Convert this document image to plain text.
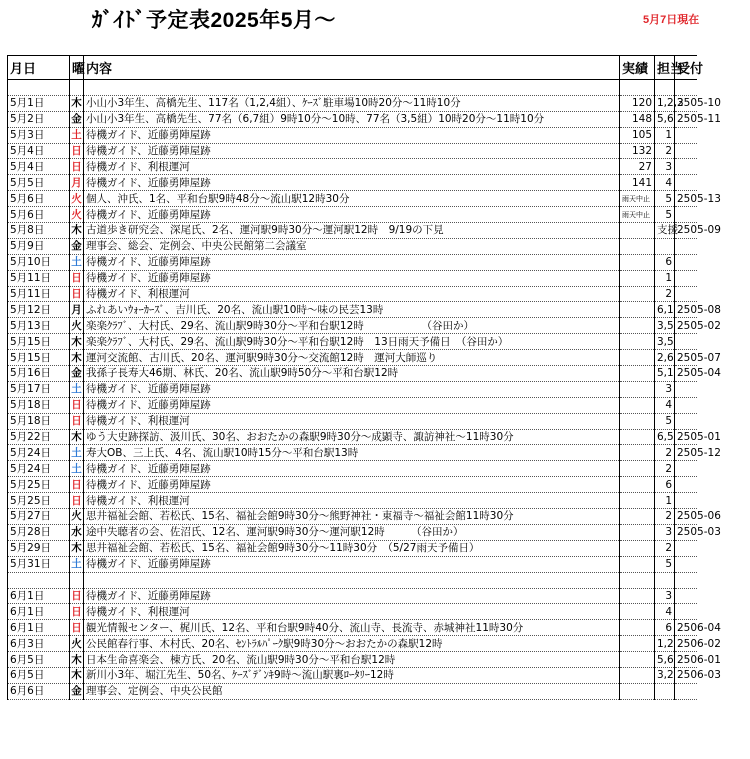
ｶﾞｲﾄﾞ予定表2025年5月～	5月7日現在
月日	曜	内容	実績	担当	受付

5月1日	木	小山小3年生、高橋先生、117名（1,2,4組）、ｹｰｽﾞ駐車場10時20分～11時10分	120	1,2,3	2505-10
5月2日	金	小山小3年生、高橋先生、77名（6,7組）9時10分～10時、77名（3,5組）10時20分～11時10分	148	5,6	2505-11
5月3日	土	待機ガイド、近藤勇陣屋跡	105	1	
5月4日	日	待機ガイド、近藤勇陣屋跡	132	2	
5月4日	日	待機ガイド、利根運河	27	3	
5月5日	月	待機ガイド、近藤勇陣屋跡	141	4	
5月6日	火	個人、沖氏、1名、平和台駅9時48分～流山駅12時30分	雨天中止	5	2505-13
5月6日	火	待機ガイド、近藤勇陣屋跡	雨天中止	5	
5月8日	木	古道歩き研究会、深尾氏、2名、運河駅9時30分～運河駅12時　9/19の下見		支援	2505-09
5月9日	金	理事会、総会、定例会、中央公民館第二会議室			
5月10日	土	待機ガイド、近藤勇陣屋跡		6	
5月11日	日	待機ガイド、近藤勇陣屋跡		1	
5月11日	日	待機ガイド、利根運河		2	
5月12日	月	ふれあいｳｫｰｶｰｽﾞ、吉川氏、20名、流山駅10時～味の民芸13時		6,1	2505-08
5月13日	火	楽楽ｸﾗﾌﾞ、大村氏、29名、流山駅9時30分～平和台駅12時　　　　　　（谷田か）		3,5	2505-02
5月15日	木	楽楽ｸﾗﾌﾞ、大村氏、29名、流山駅9時30分～平和台駅12時　13日雨天予備日　（谷田か）		3,5	
5月15日	木	運河交流館、古川氏、20名、運河駅9時30分～交流館12時　運河大師巡り		2,6	2505-07
5月16日	金	我孫子長寿大46期、林氏、20名、流山駅9時50分～平和台駅12時		5,1	2505-04
5月17日	土	待機ガイド、近藤勇陣屋跡		3	
5月18日	日	待機ガイド、近藤勇陣屋跡		4	
5月18日	日	待機ガイド、利根運河		5	
5月22日	木	ゆう大史跡探訪、汲川氏、30名、おおたかの森駅9時30分～成顕寺、諏訪神社～11時30分		6,5	2505-01
5月24日	土	寿大OB、三上氏、4名、流山駅10時15分～平和台駅13時		2	2505-12
5月24日	土	待機ガイド、近藤勇陣屋跡		2	
5月25日	日	待機ガイド、近藤勇陣屋跡		6	
5月25日	日	待機ガイド、利根運河		1	
5月27日	火	思井福祉会館、若松氏、15名、福祉会館9時30分～熊野神社・東福寺～福祉会館11時30分		2	2505-06
5月28日	水	途中失聴者の会、佐沼氏、12名、運河駅9時30分～運河駅12時　　　（谷田か）		3	2505-03
5月29日	木	思井福祉会館、若松氏、15名、福祉会館9時30分～11時30分　（5/27雨天予備日）		2	
5月31日	土	待機ガイド、近藤勇陣屋跡		5	

6月1日	日	待機ガイド、近藤勇陣屋跡		3	
6月1日	日	待機ガイド、利根運河		4	
6月1日	日	観光情報センター、梶川氏、12名、平和台駅9時40分、流山寺、長流寺、赤城神社11時30分		6	2506-04
6月3日	火	公民館春行事、木村氏、20名、ｾﾝﾄﾗﾙﾊﾟｰｸ駅9時30分～おおたかの森駅12時		1,2	2506-02
6月5日	木	日本生命喜楽会、棟方氏、20名、流山駅9時30分～平和台駅12時		5,6	2506-01
6月5日	木	新川小3年、堀江先生、50名、ｹｰｽﾞﾃﾞﾝｷ9時～流山駅裏ﾛｰﾀﾘｰ12時		3,2	2506-03
6月6日	金	理事会、定例会、中央公民館			
